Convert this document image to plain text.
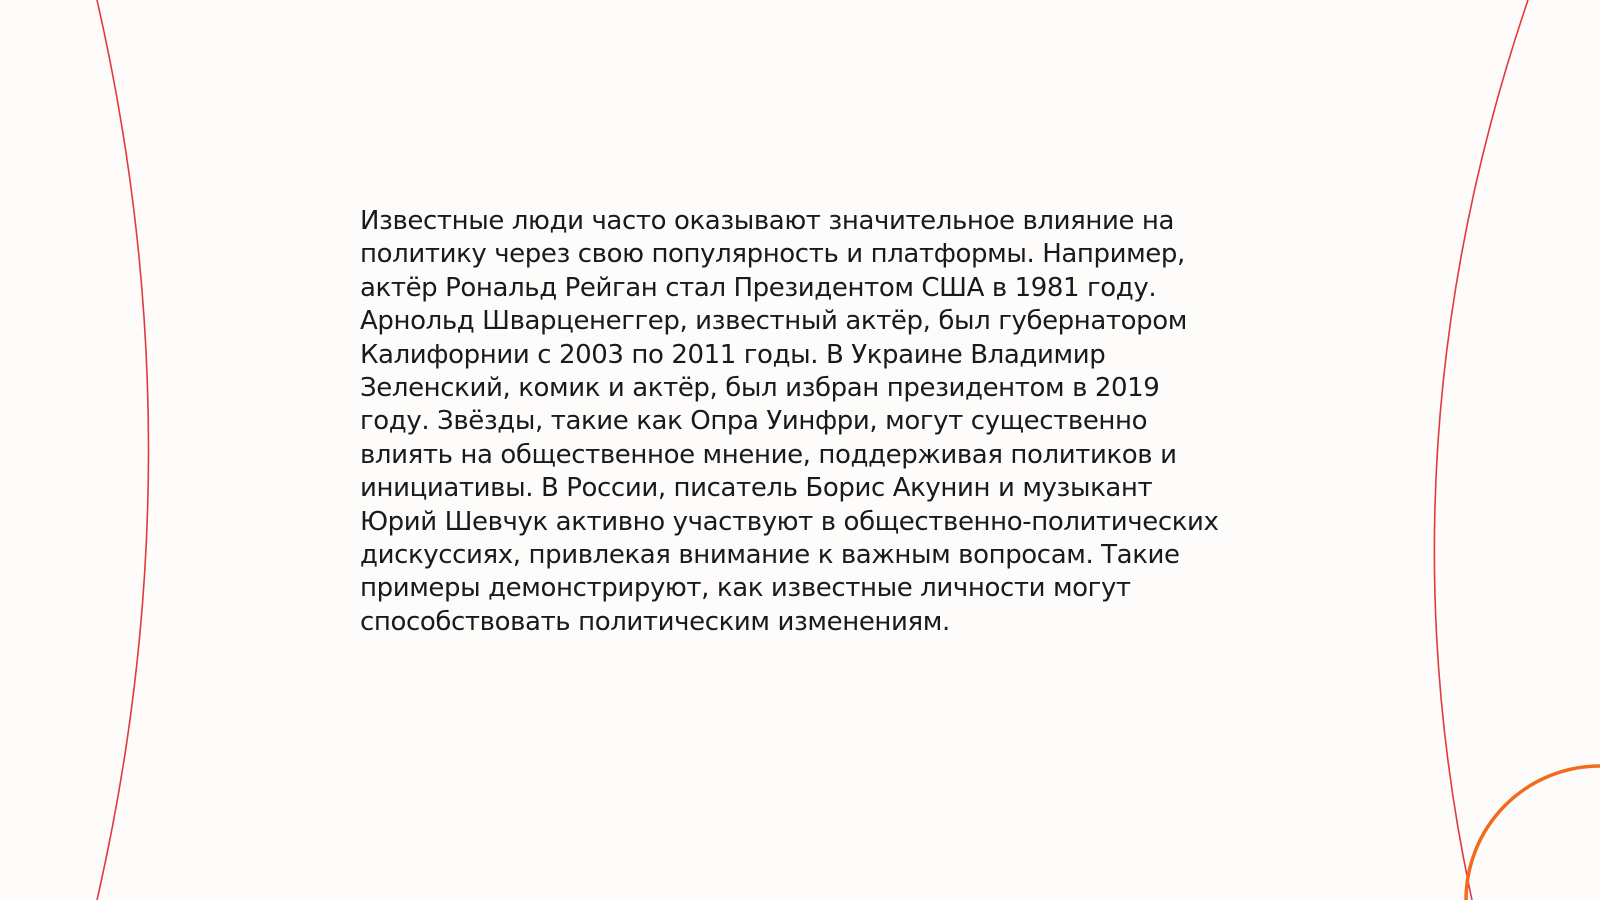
Известные люди часто оказывают значительное влияние на
политику через свою популярность и платформы. Например,
актёр Рональд Рейган стал Президентом США в 1981 году.
Арнольд Шварценеггер, известный актёр, был губернатором
Калифорнии с 2003 по 2011 годы. В Украине Владимир
Зеленский, комик и актёр, был избран президентом в 2019
году. Звёзды, такие как Опра Уинфри, могут существенно
влиять на общественное мнение, поддерживая политиков и
инициативы. В России, писатель Борис Акунин и музыкант
Юрий Шевчук активно участвуют в общественно-политических
дискуссиях, привлекая внимание к важным вопросам. Такие
примеры демонстрируют, как известные личности могут
способствовать политическим изменениям.
